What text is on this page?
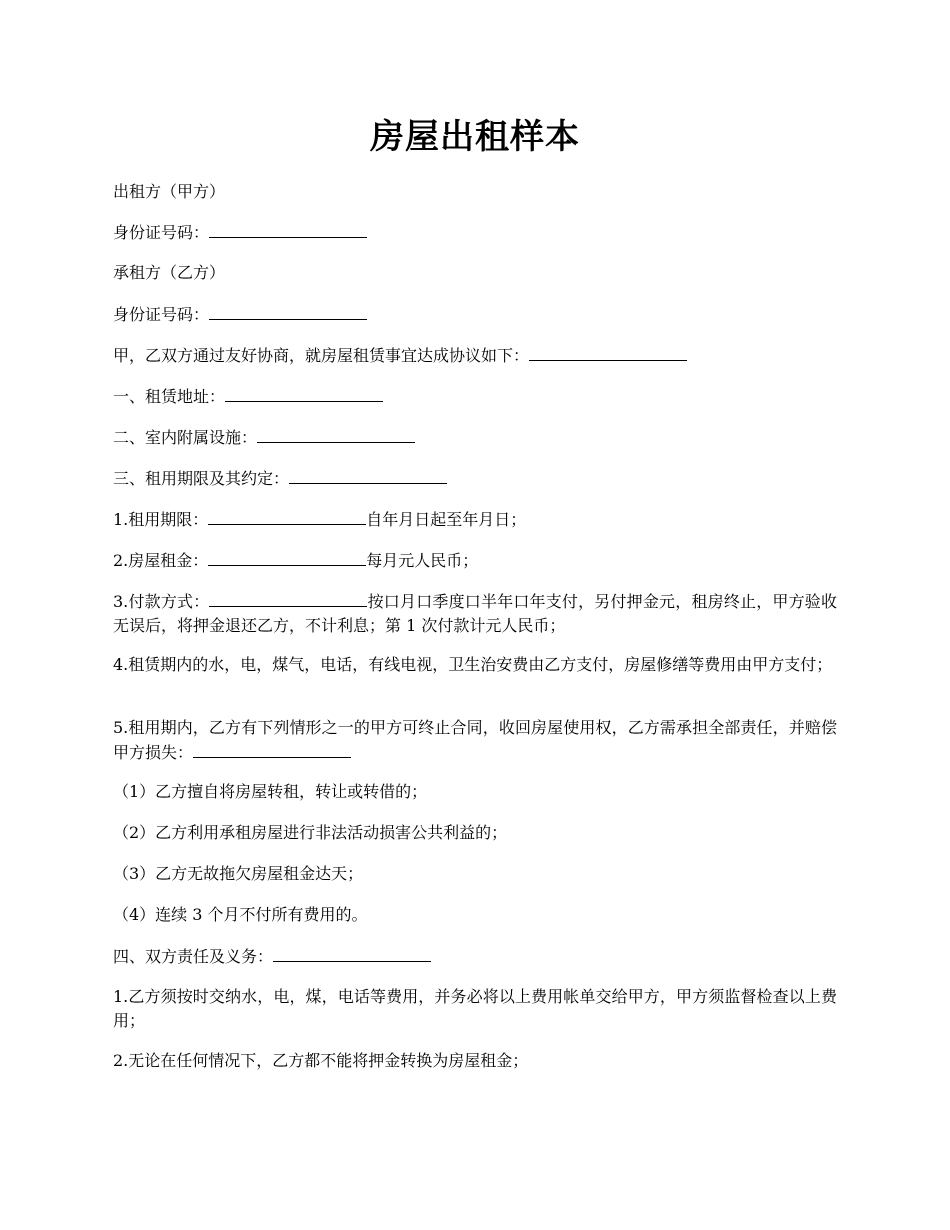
房屋出租样本
出租方（甲方）
身份证号码：
承租方（乙方）
身份证号码：
甲，乙双方通过友好协商，就房屋租赁事宜达成协议如下：
一、租赁地址：
二、室内附属设施：
三、租用期限及其约定：
1.租用期限：	自年月日起至年月日；
2.房屋租金：	每月元人民币；
3.付款方式：	按口月口季度口半年口年支付，另付押金元，租房终止，甲方验收无误后，将押金退还乙方，不计利息；第 1 次付款计元人民币；
4.租赁期内的水，电，煤气，电话，有线电视，卫生治安费由乙方支付，房屋修缮等费用由甲方支付；
5.租用期内，乙方有下列情形之一的甲方可终止合同，收回房屋使用权，乙方需承担全部责任，并赔偿甲方损失：
（1）乙方擅自将房屋转租，转让或转借的；
（2）乙方利用承租房屋进行非法活动损害公共利益的；
（3）乙方无故拖欠房屋租金达天；
（4）连续 3 个月不付所有费用的。
四、双方责任及义务：
1.乙方须按时交纳水，电，煤，电话等费用，并务必将以上费用帐单交给甲方，甲方须监督检查以上费用；
2.无论在任何情况下，乙方都不能将押金转换为房屋租金；
